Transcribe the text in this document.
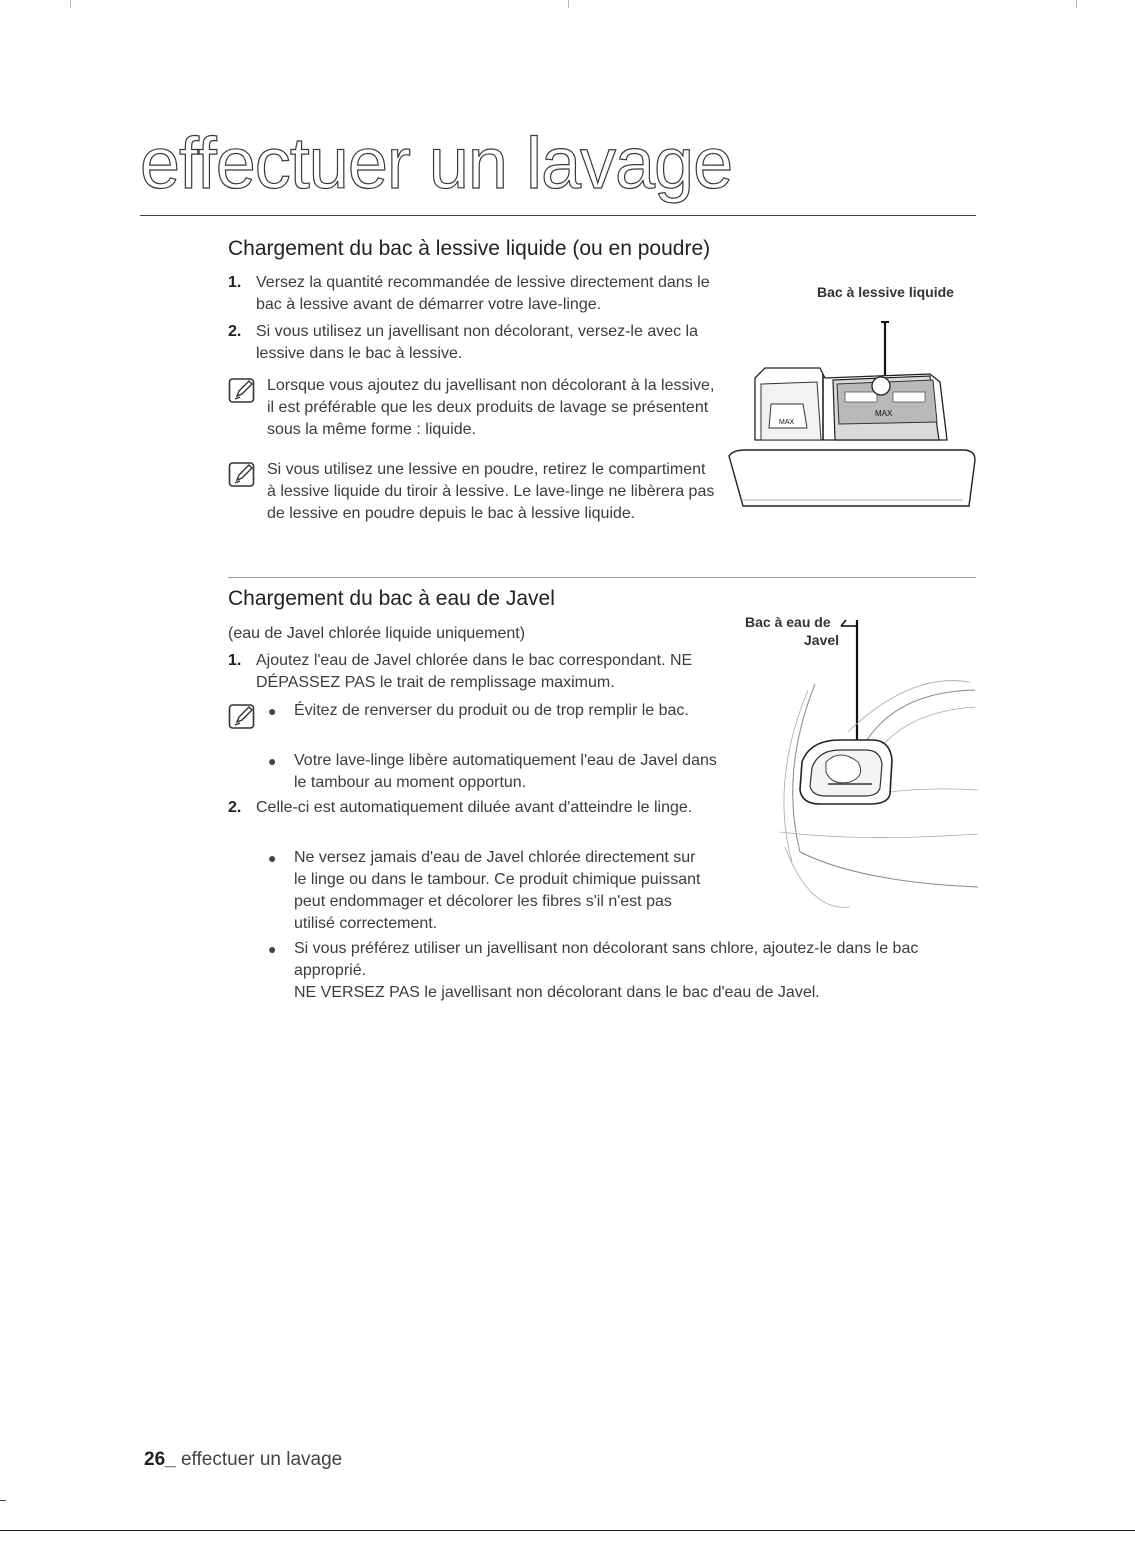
effectuer un lavage
Chargement du bac à lessive liquide (ou en poudre)
1. Versez la quantité recommandée de lessive directement dans le bac à lessive avant de démarrer votre lave-linge.
2. Si vous utilisez un javellisant non décolorant, versez-le avec la lessive dans le bac à lessive.
Lorsque vous ajoutez du javellisant non décolorant à la lessive, il est préférable que les deux produits de lavage se présentent sous la même forme : liquide.
Si vous utilisez une lessive en poudre, retirez le compartiment à lessive liquide du tiroir à lessive. Le lave-linge ne libèrera pas de lessive en poudre depuis le bac à lessive liquide.
Bac à lessive liquide
MAX
MAX
Chargement du bac à eau de Javel
(eau de Javel chlorée liquide uniquement)
1. Ajoutez l'eau de Javel chlorée dans le bac correspondant. NE DÉPASSEZ PAS le trait de remplissage maximum.
● Évitez de renverser du produit ou de trop remplir le bac.
● Votre lave-linge libère automatiquement l'eau de Javel dans le tambour au moment opportun.
2. Celle-ci est automatiquement diluée avant d'atteindre le linge.
● Ne versez jamais d'eau de Javel chlorée directement sur le linge ou dans le tambour. Ce produit chimique puissant peut endommager et décolorer les fibres s'il n'est pas utilisé correctement.
● Si vous préférez utiliser un javellisant non décolorant sans chlore, ajoutez-le dans le bac approprié.
NE VERSEZ PAS le javellisant non décolorant dans le bac d'eau de Javel.
Bac à eau de
Javel
26_ effectuer un lavage
